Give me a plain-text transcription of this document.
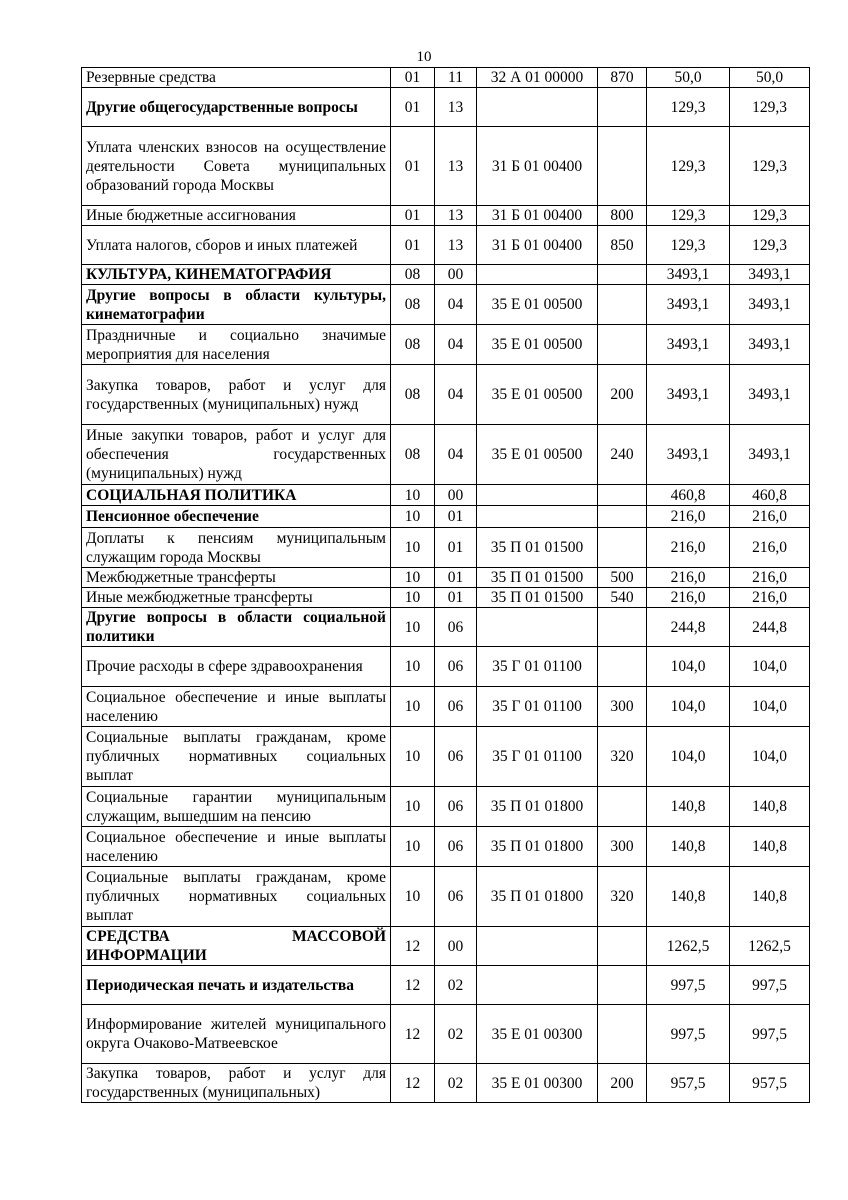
10
Резервные средства	01	11	32 А 01 00000	870	50,0	50,0
Другие общегосударственные вопросы	01	13			129,3	129,3
Уплата членских взносов на осуществление деятельности Совета муниципальных образований города Москвы	01	13	31 Б 01 00400		129,3	129,3
Иные бюджетные ассигнования	01	13	31 Б 01 00400	800	129,3	129,3
Уплата налогов, сборов и иных платежей	01	13	31 Б 01 00400	850	129,3	129,3
КУЛЬТУРА, КИНЕМАТОГРАФИЯ	08	00			3493,1	3493,1
Другие вопросы в области культуры, кинематографии	08	04	35 Е 01 00500		3493,1	3493,1
Праздничные и социально значимые мероприятия для населения	08	04	35 Е 01 00500		3493,1	3493,1
Закупка товаров, работ и услуг для государственных (муниципальных) нужд	08	04	35 Е 01 00500	200	3493,1	3493,1
Иные закупки товаров, работ и услуг для обеспечения государственных (муниципальных) нужд	08	04	35 Е 01 00500	240	3493,1	3493,1
СОЦИАЛЬНАЯ ПОЛИТИКА	10	00			460,8	460,8
Пенсионное обеспечение	10	01			216,0	216,0
Доплаты к пенсиям муниципальным служащим города Москвы	10	01	35 П 01 01500		216,0	216,0
Межбюджетные трансферты	10	01	35 П 01 01500	500	216,0	216,0
Иные межбюджетные трансферты	10	01	35 П 01 01500	540	216,0	216,0
Другие вопросы в области социальной политики	10	06			244,8	244,8
Прочие расходы в сфере здравоохранения	10	06	35 Г 01 01100		104,0	104,0
Социальное обеспечение и иные выплаты населению	10	06	35 Г 01 01100	300	104,0	104,0
Социальные выплаты гражданам, кроме публичных нормативных социальных выплат	10	06	35 Г 01 01100	320	104,0	104,0
Социальные гарантии муниципальным служащим, вышедшим на пенсию	10	06	35 П 01 01800		140,8	140,8
Социальное обеспечение и иные выплаты населению	10	06	35 П 01 01800	300	140,8	140,8
Социальные выплаты гражданам, кроме публичных нормативных социальных выплат	10	06	35 П 01 01800	320	140,8	140,8
СРЕДСТВА МАССОВОЙ ИНФОРМАЦИИ	12	00			1262,5	1262,5
Периодическая печать и издательства	12	02			997,5	997,5
Информирование жителей муниципального округа Очаково-Матвеевское	12	02	35 Е 01 00300		997,5	997,5
Закупка товаров, работ и услуг для государственных (муниципальных)	12	02	35 Е 01 00300	200	957,5	957,5
